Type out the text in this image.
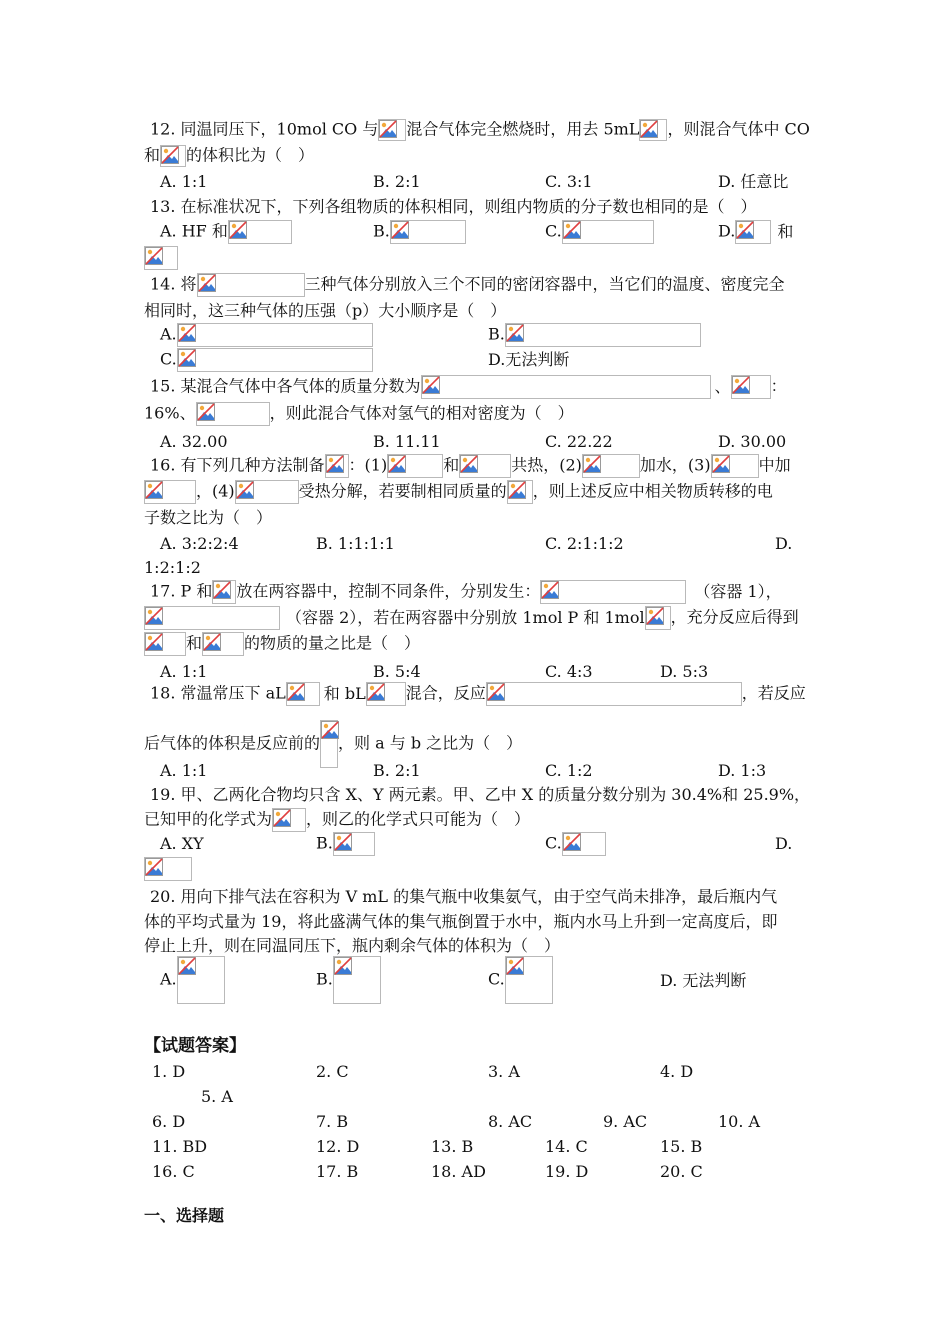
12. 同温同压下，10mol CO 与 混合气体完全燃烧时，用去 5mL ，则混合气体中 CO
和 的体积比为（　）
A. 1:1	B. 2:1	C. 3:1	D. 任意比
13. 在标准状况下，下列各组物质的体积相同，则组内物质的分子数也相同的是（　）
A. HF 和	B.	C.	D.	和
14. 将	三种气体分别放入三个不同的密闭容器中，当它们的温度、密度完全
相同时，这三种气体的压强（p）大小顺序是（　）
A.	B.
C.	D.无法判断
15. 某混合气体中各气体的质量分数为	、	：
16%、	，则此混合气体对氢气的相对密度为（　）
A. 32.00	B. 11.11	C. 22.22	D. 30.00
16. 有下列几种方法制备 ：(1)	和	共热，(2)	加水，(3)	中加
，(4)	受热分解，若要制相同质量的 ，则上述反应中相关物质转移的电
子数之比为（　）
A. 3:2:2:4	B. 1:1:1:1	C. 2:1:1:2	D.
1:2:1:2
17. P 和 放在两容器中，控制不同条件，分别发生：	（容器 1），
（容器 2），若在两容器中分别放 1mol P 和 1mol ，充分反应后得到
和	的物质的量之比是（　）
A. 1:1	B. 5:4	C. 4:3	D. 5:3
18. 常温常压下 aL 和 bL	混合，反应	，若反应
后气体的体积是反应前的 ，则 a 与 b 之比为（　）
A. 1:1	B. 2:1	C. 1:2	D. 1:3
19. 甲、乙两化合物均只含 X、Y 两元素。甲、乙中 X 的质量分数分别为 30.4%和 25.9%，
已知甲的化学式为 ，则乙的化学式只可能为（　）
A. XY	B.	C.	D.
20. 用向下排气法在容积为 V mL 的集气瓶中收集氨气，由于空气尚未排净，最后瓶内气
体的平均式量为 19，将此盛满气体的集气瓶倒置于水中，瓶内水马上升到一定高度后，即
停止上升，则在同温同压下，瓶内剩余气体的体积为（　）
A.	B.	C.	D. 无法判断
【试题答案】
1. D	2. C	3. A	4. D
5. A
6. D	7. B	8. AC	9. AC	10. A
11. BD	12. D	13. B	14. C	15. B
16. C	17. B	18. AD	19. D	20. C
一、选择题
